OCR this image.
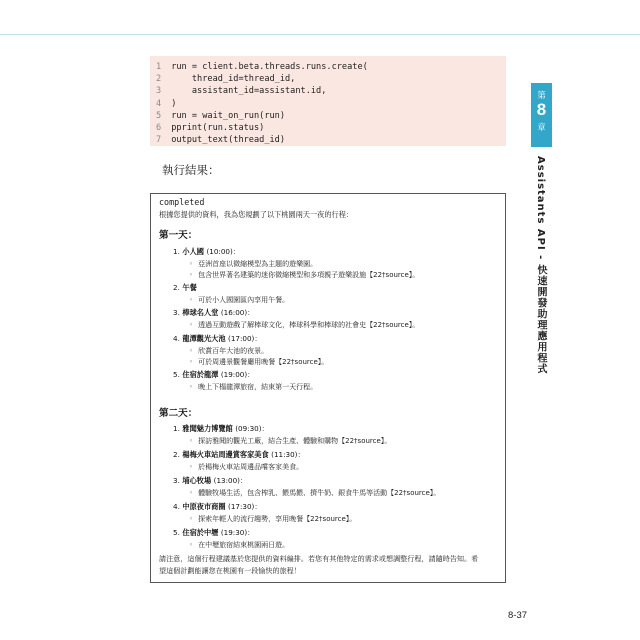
1 run = client.beta.threads.runs.create(
2     thread_id=thread_id,
3     assistant_id=assistant.id,
4 )
5 run = wait_on_run(run)
6 pprint(run.status)
7 output_text(thread_id)
執行結果：
completed
根據您提供的資料，我為您規劃了以下桃園兩天一夜的行程：
第一天：
1. 小人國 (10:00)：
◦ 亞洲首座以微縮模型為主題的遊樂園。
◦ 包含世界著名建築的迷你微縮模型和多項親子遊樂設施【22†source】。
2. 午餐
◦ 可於小人國園區內享用午餐。
3. 棒球名人堂 (16:00)：
◦ 透過互動遊戲了解棒球文化，棒球科學和棒球的社會史【22†source】。
4. 龍潭觀光大池 (17:00)：
◦ 欣賞百年大池的夜景。
◦ 可於周邊景觀餐廳用晚餐【22†source】。
5. 住宿於龍潭 (19:00)：
◦ 晚上下榻龍潭旅宿，結束第一天行程。
第二天：
1. 雅聞魅力博覽館 (09:30)：
◦ 探訪雅聞的觀光工廠，結合生產、體驗和購物【22†source】。
2. 楊梅火車站周邊賞客家美食 (11:30)：
◦ 於楊梅火車站周邊品嚐客家美食。
3. 埔心牧場 (13:00)：
◦ 體驗牧場生活，包含榨乳、餵馬餵、擠牛奶、銀食牛馬等活動【22†source】。
4. 中原夜市商圈 (17:30)：
◦ 探索年輕人的流行趨勢，享用晚餐【22†source】。
5. 住宿於中壢 (19:30)：
◦ 在中壢旅宿結束桃園兩日遊。
請注意，這個行程建議基於您提供的資料編排。若您有其他特定的需求或想調整行程，請隨時告知。希
望這個計劃能讓您在桃園有一段愉快的旅程！
第
8
章
Assistants API - 快速開發助理應用程式
8-37
